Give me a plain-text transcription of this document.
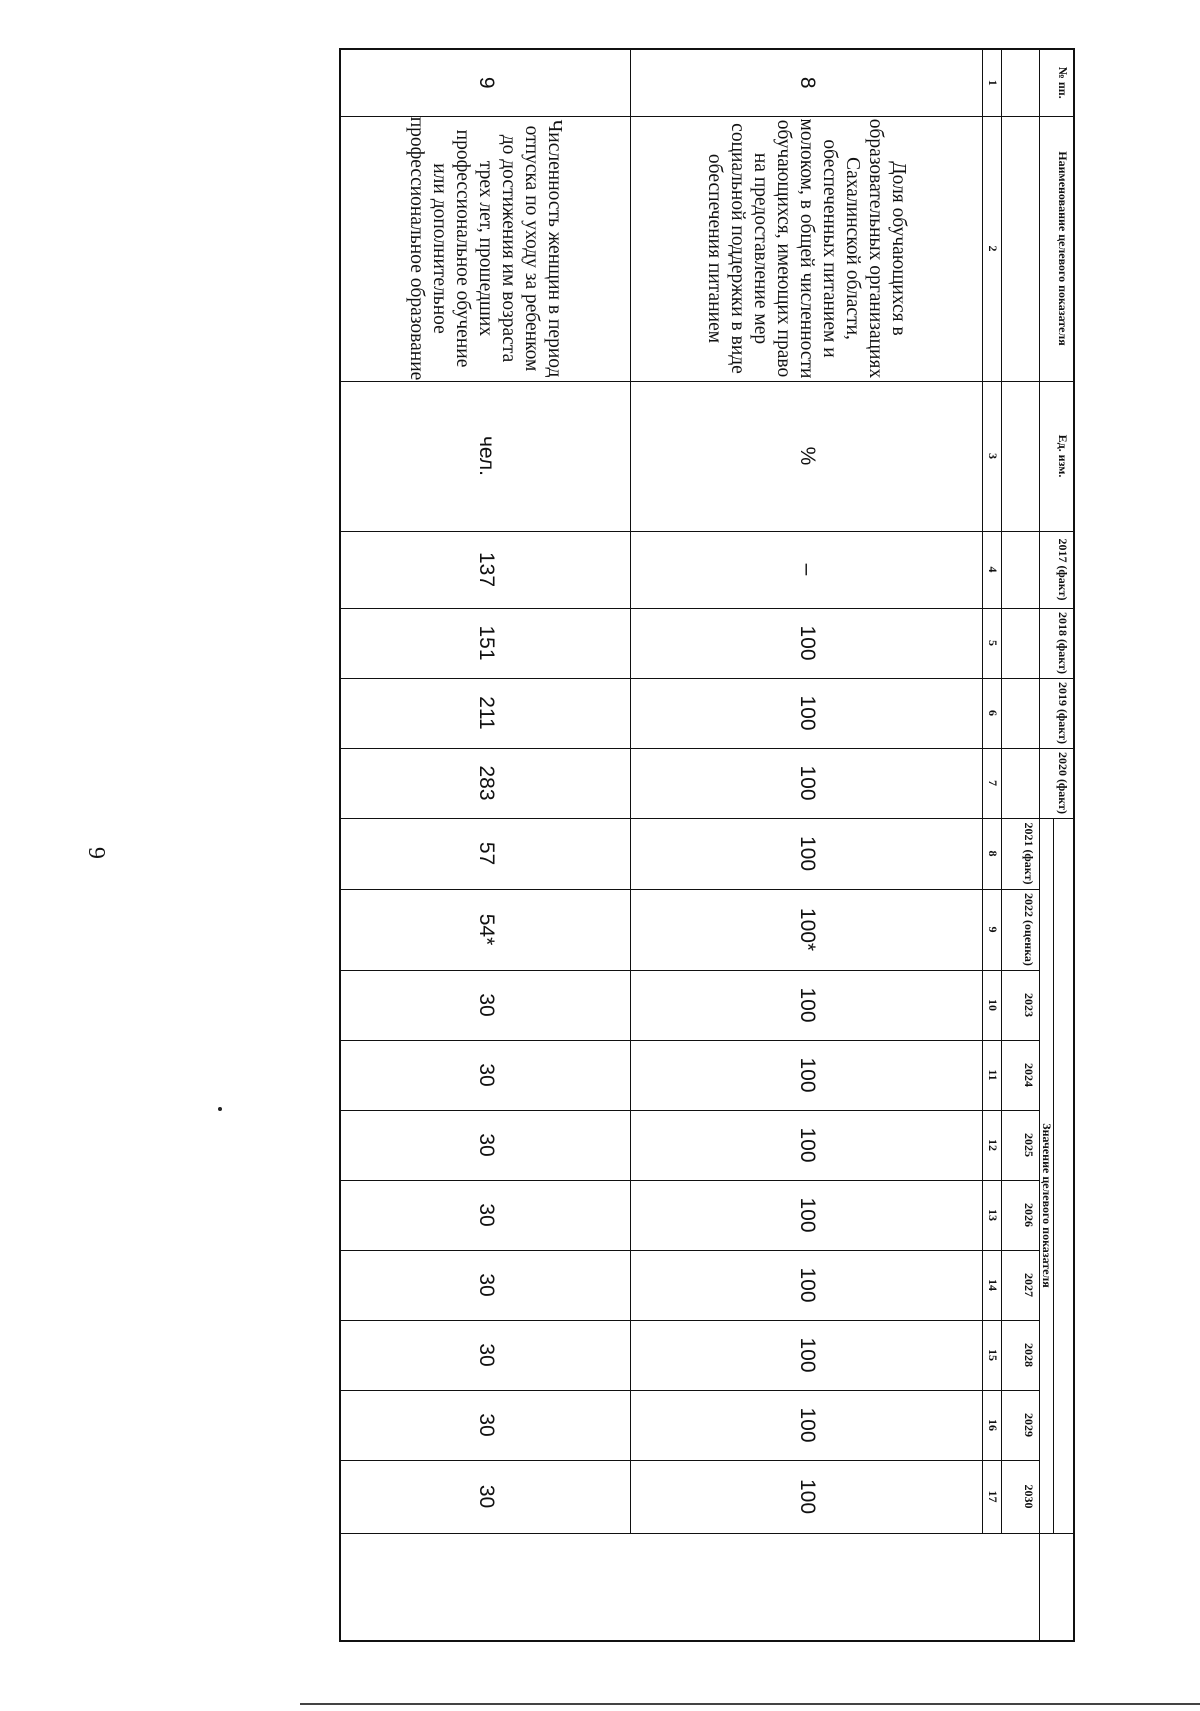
6
№ пп.	Наименование целевого показателя	Ед. изм.	2017 (факт)	2018 (факт)	2019 (факт)	2020 (факт)											
							Значение целевого показателя										
							2021 (факт)	2022 (оценка)	2023	2024	2025	2026	2027	2028	2029	2030	
1	2	3	4	5	6	7	8	9	10	11	12	13	14	15	16	17	
8	Доля обучающихся в образовательных организациях Сахалинской области, обеспеченных питанием и молоком, в общей численности обучающихся, имеющих право на предоставление мер социальной поддержки в виде обеспечения питанием	%	–	100	100	100	100	100*	100	100	100	100	100	100	100	100	
9	Численность женщин в период отпуска по уходу за ребенком до достижения им возраста трех лет, прошедших профессиональное обучение или дополнительное профессиональное образование	чел.	137	151	211	283	57	54*	30	30	30	30	30	30	30	30	
